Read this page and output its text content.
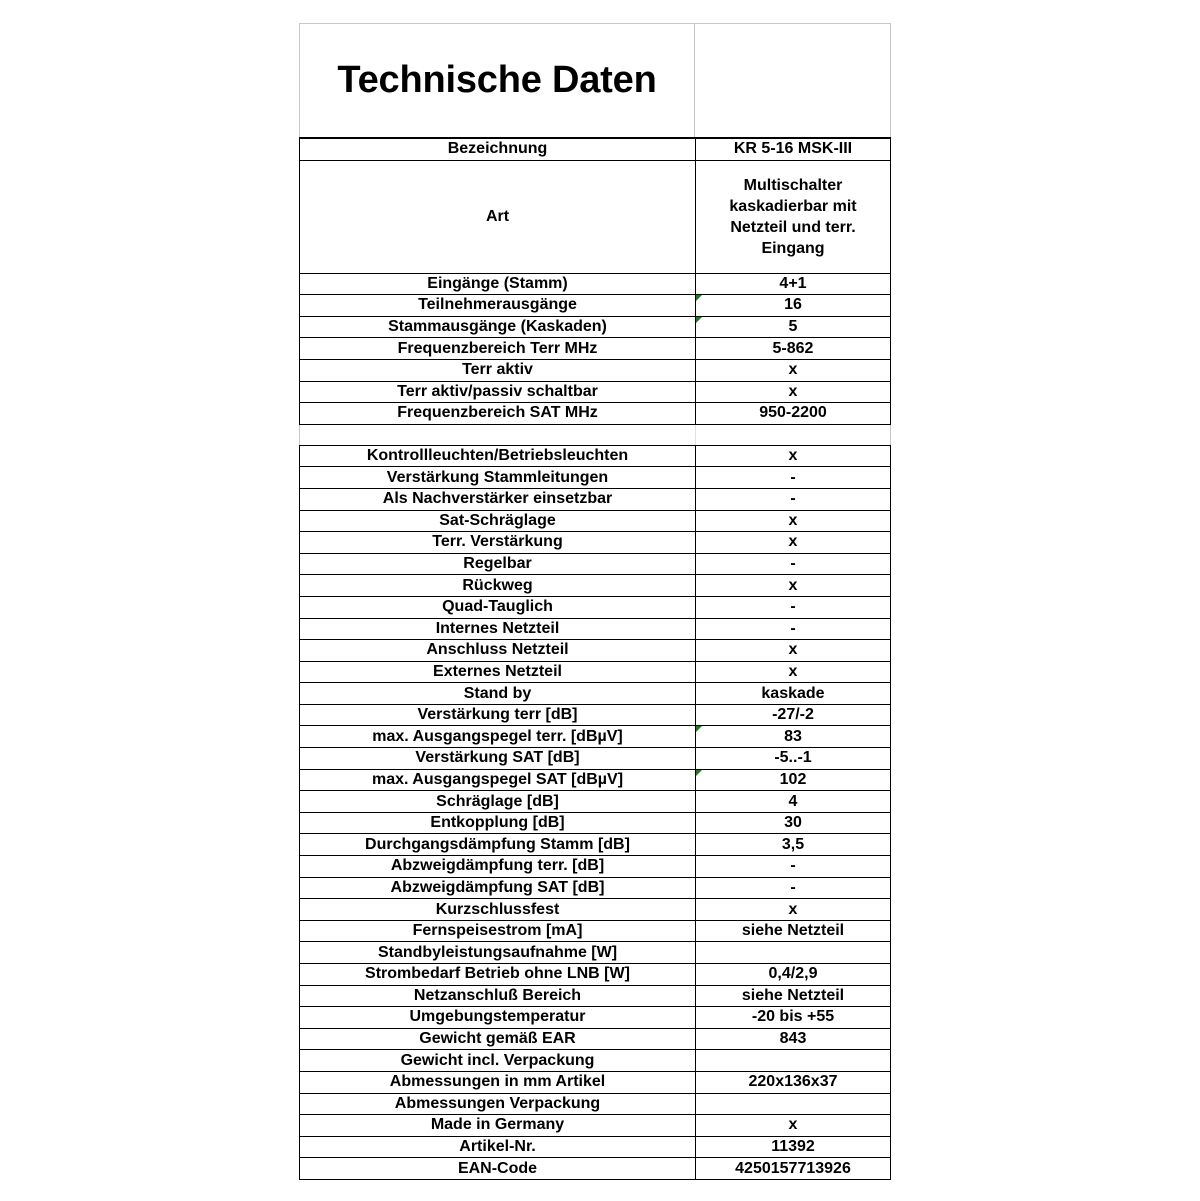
Technische Daten
Bezeichnung	KR 5-16 MSK-III
Art	Multischalter kaskadierbar mit Netzteil und terr. Eingang
Eingänge (Stamm)	4+1
Teilnehmerausgänge	16
Stammausgänge (Kaskaden)	5
Frequenzbereich Terr MHz	5-862
Terr aktiv	x
Terr aktiv/passiv schaltbar	x
Frequenzbereich SAT MHz	950-2200
Kontrollleuchten/Betriebsleuchten	x
Verstärkung Stammleitungen	-
Als Nachverstärker einsetzbar	-
Sat-Schräglage	x
Terr. Verstärkung	x
Regelbar	-
Rückweg	x
Quad-Tauglich	-
Internes Netzteil	-
Anschluss Netzteil	x
Externes Netzteil	x
Stand by	kaskade
Verstärkung terr [dB]	-27/-2
max. Ausgangspegel terr. [dBµV]	83
Verstärkung SAT [dB]	-5..-1
max. Ausgangspegel SAT [dBµV]	102
Schräglage [dB]	4
Entkopplung [dB]	30
Durchgangsdämpfung Stamm [dB]	3,5
Abzweigdämpfung terr. [dB]	-
Abzweigdämpfung SAT [dB]	-
Kurzschlussfest	x
Fernspeisestrom [mA]	siehe Netzteil
Standbyleistungsaufnahme [W]	
Strombedarf Betrieb ohne LNB [W]	0,4/2,9
Netzanschluß Bereich	siehe Netzteil
Umgebungstemperatur	-20 bis +55
Gewicht gemäß EAR	843
Gewicht incl. Verpackung	
Abmessungen in mm Artikel	220x136x37
Abmessungen Verpackung	
Made in Germany	x
Artikel-Nr.	11392
EAN-Code	4250157713926
